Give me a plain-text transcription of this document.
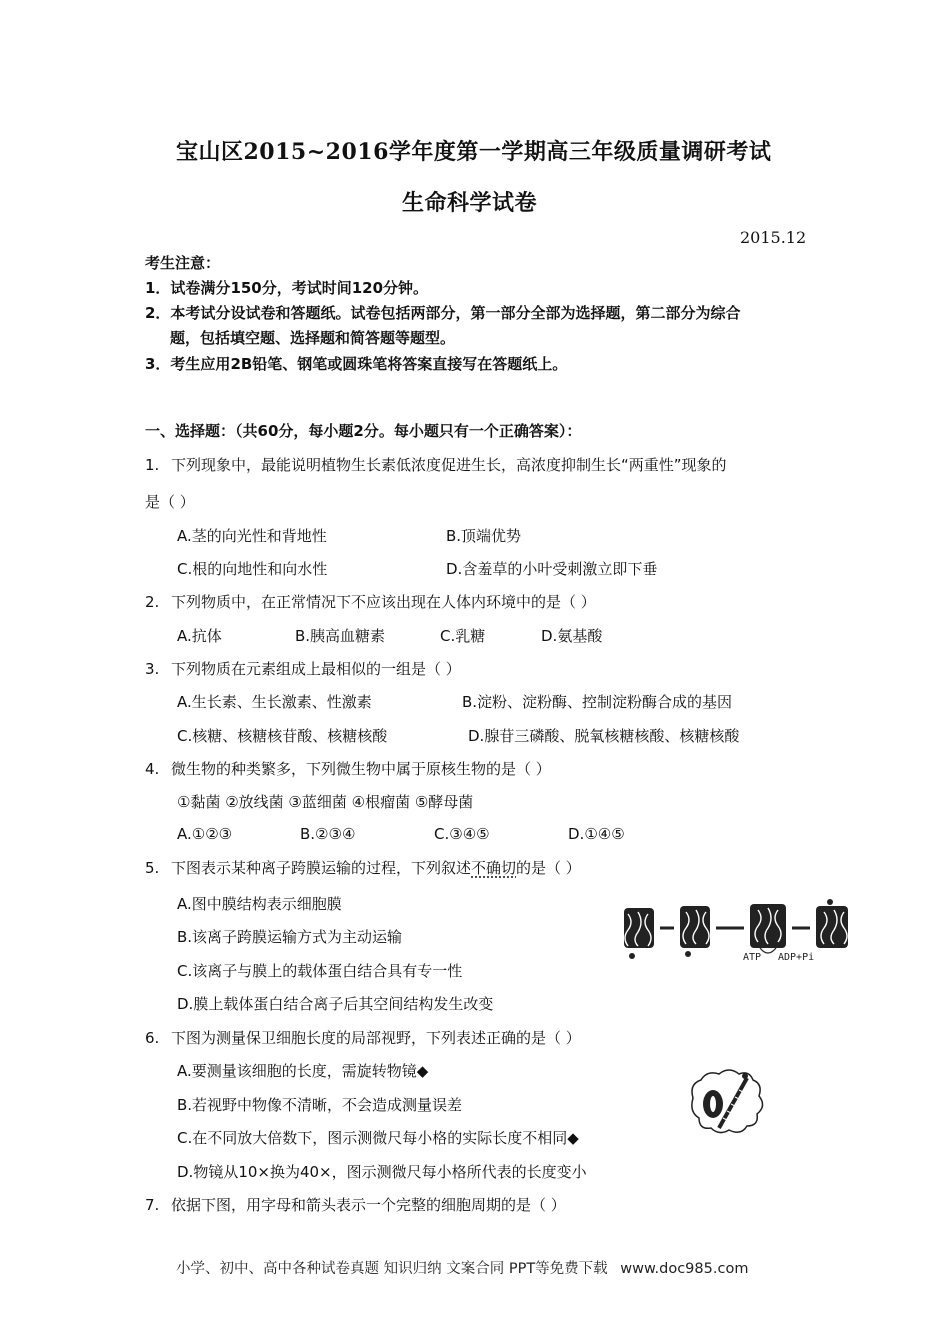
宝山区2015~2016学年度第一学期高三年级质量调研考试
生命科学试卷
2015.12
考生注意：
1．试卷满分150分，考试时间120分钟。
2．本考试分设试卷和答题纸。试卷包括两部分，第一部分全部为选择题，第二部分为综合
题，包括填空题、选择题和简答题等题型。
3．考生应用2B铅笔、钢笔或圆珠笔将答案直接写在答题纸上。
一、选择题：（共60分，每小题2分。每小题只有一个正确答案）：
1. 下列现象中，最能说明植物生长素低浓度促进生长，高浓度抑制生长“两重性”现象的
是（ ）
A.茎的向光性和背地性	B.顶端优势
C.根的向地性和向水性	D.含羞草的小叶受刺激立即下垂
2. 下列物质中，在正常情况下不应该出现在人体内环境中的是（ ）
A.抗体	B.胰高血糖素	C.乳糖	D.氨基酸
3. 下列物质在元素组成上最相似的一组是（ ）
A.生长素、生长激素、性激素	B.淀粉、淀粉酶、控制淀粉酶合成的基因
C.核糖、核糖核苷酸、核糖核酸	D.腺苷三磷酸、脱氧核糖核酸、核糖核酸
4. 微生物的种类繁多，下列微生物中属于原核生物的是（ ）
①黏菌 ②放线菌 ③蓝细菌 ④根瘤菌 ⑤酵母菌
A.①②③	B.②③④	C.③④⑤	D.①④⑤
5. 下图表示某种离子跨膜运输的过程，下列叙述不确切的是（ ）
A.图中膜结构表示细胞膜
B.该离子跨膜运输方式为主动运输
C.该离子与膜上的载体蛋白结合具有专一性
D.膜上载体蛋白结合离子后其空间结构发生改变
ATP ADP+Pi
6. 下图为测量保卫细胞长度的局部视野，下列表述正确的是（ ）
A.要测量该细胞的长度，需旋转物镜◆
B.若视野中物像不清晰，不会造成测量误差
C.在不同放大倍数下，图示测微尺每小格的实际长度不相同◆
D.物镜从10×换为40×，图示测微尺每小格所代表的长度变小
7. 依据下图，用字母和箭头表示一个完整的细胞周期的是（ ）
小学、初中、高中各种试卷真题 知识归纳 文案合同 PPT等免费下载 www.doc985.com
